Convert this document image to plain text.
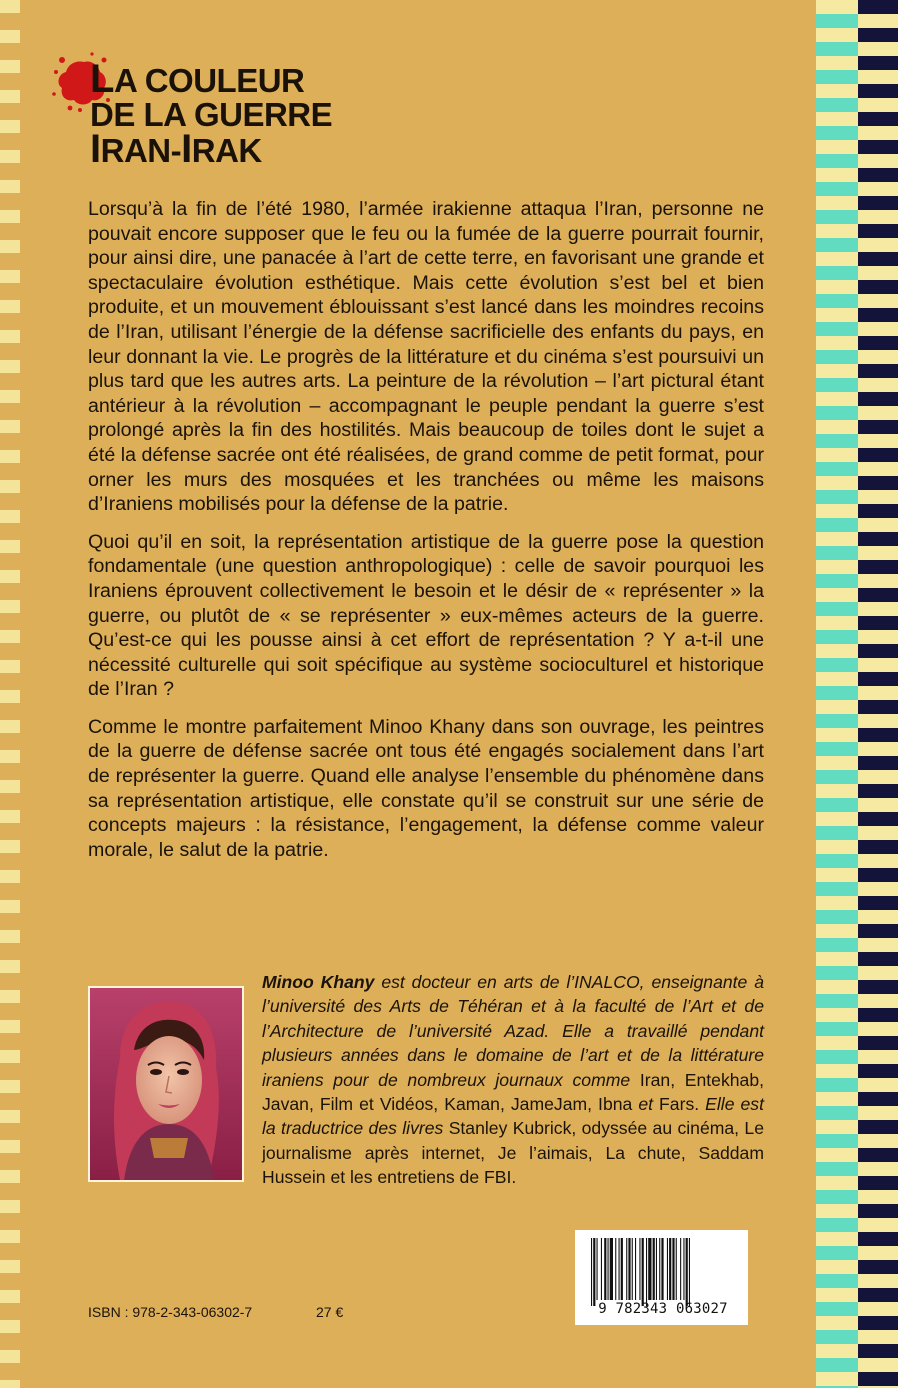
LA COULEUR
DE LA GUERRE
IRAN-IRAK

Lorsqu’à la fin de l’été 1980, l’armée irakienne attaqua l’Iran, personne ne pouvait encore supposer que le feu ou la fumée de la guerre pourrait fournir, pour ainsi dire, une panacée à l’art de cette terre, en favorisant une grande et spectaculaire évolution esthétique. Mais cette évolution s’est bel et bien produite, et un mouvement éblouissant s’est lancé dans les moindres recoins de l’Iran, utilisant l’énergie de la défense sacrificielle des enfants du pays, en leur donnant la vie. Le progrès de la littérature et du cinéma s’est poursuivi un plus tard que les autres arts. La peinture de la révolution – l’art pictural étant antérieur à la révolution – accompagnant le peuple pendant la guerre s’est prolongé après la fin des hostilités. Mais beaucoup de toiles dont le sujet a été la défense sacrée ont été réalisées, de grand comme de petit format, pour orner les murs des mosquées et les tranchées ou même les maisons d’Iraniens mobilisés pour la défense de la patrie.

Quoi qu’il en soit, la représentation artistique de la guerre pose la question fondamentale (une question anthropologique) : celle de savoir pourquoi les Iraniens éprouvent collectivement le besoin et le désir de « représenter » la guerre, ou plutôt de « se représenter » eux-mêmes acteurs de la guerre. Qu’est-ce qui les pousse ainsi à cet effort de représentation ? Y a-t-il une nécessité culturelle qui soit spécifique au système socioculturel et historique de l’Iran ?

Comme le montre parfaitement Minoo Khany dans son ouvrage, les peintres de la guerre de défense sacrée ont tous été engagés socialement dans l’art de représenter la guerre. Quand elle analyse l’ensemble du phénomène dans sa représentation artistique, elle constate qu’il se construit sur une série de concepts majeurs : la résistance, l’engagement, la défense comme valeur morale, le salut de la patrie.

Minoo Khany est docteur en arts de l’INALCO, enseignante à l’université des Arts de Téhéran et à la faculté de l’Art et de l’Architecture de l’université Azad. Elle a travaillé pendant plusieurs années dans le domaine de l’art et de la littérature iraniens pour de nombreux journaux comme Iran, Entekhab, Javan, Film et Vidéos, Kaman, JameJam, Ibna et Fars. Elle est la traductrice des livres Stanley Kubrick, odyssée au cinéma, Le journalisme après internet, Je l’aimais, La chute, Saddam Hussein et les entretiens de FBI.
ISBN : 978-2-343-06302-7	27 €	9 782343 063027
